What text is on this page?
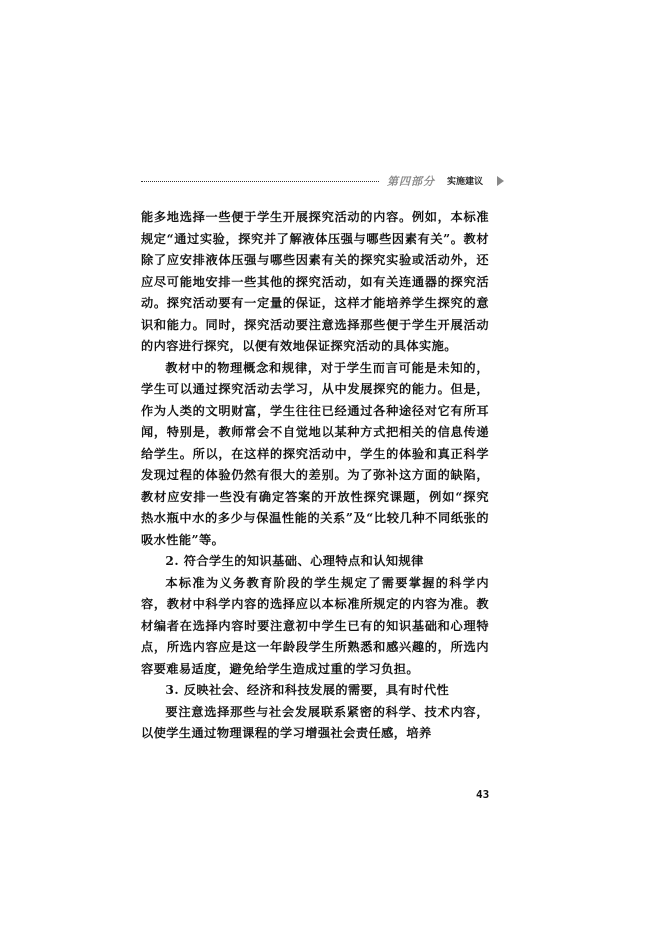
第四部分 实施建议

能多地选择一些便于学生开展探究活动的内容。例如，本标准规定“通过实验，探究并了解液体压强与哪些因素有关”。教材除了应安排液体压强与哪些因素有关的探究实验或活动外，还应尽可能地安排一些其他的探究活动，如有关连通器的探究活动。探究活动要有一定量的保证，这样才能培养学生探究的意识和能力。同时，探究活动要注意选择那些便于学生开展活动的内容进行探究，以便有效地保证探究活动的具体实施。

教材中的物理概念和规律，对于学生而言可能是未知的，学生可以通过探究活动去学习，从中发展探究的能力。但是，作为人类的文明财富，学生往往已经通过各种途径对它有所耳闻，特别是，教师常会不自觉地以某种方式把相关的信息传递给学生。所以，在这样的探究活动中，学生的体验和真正科学发现过程的体验仍然有很大的差别。为了弥补这方面的缺陷，教材应安排一些没有确定答案的开放性探究课题，例如“探究热水瓶中水的多少与保温性能的关系”及“比较几种不同纸张的吸水性能”等。

2. 符合学生的知识基础、心理特点和认知规律

本标准为义务教育阶段的学生规定了需要掌握的科学内容，教材中科学内容的选择应以本标准所规定的内容为准。教材编者在选择内容时要注意初中学生已有的知识基础和心理特点，所选内容应是这一年龄段学生所熟悉和感兴趣的，所选内容要难易适度，避免给学生造成过重的学习负担。

3. 反映社会、经济和科技发展的需要，具有时代性

要注意选择那些与社会发展联系紧密的科学、技术内容，以使学生通过物理课程的学习增强社会责任感，培养

43
